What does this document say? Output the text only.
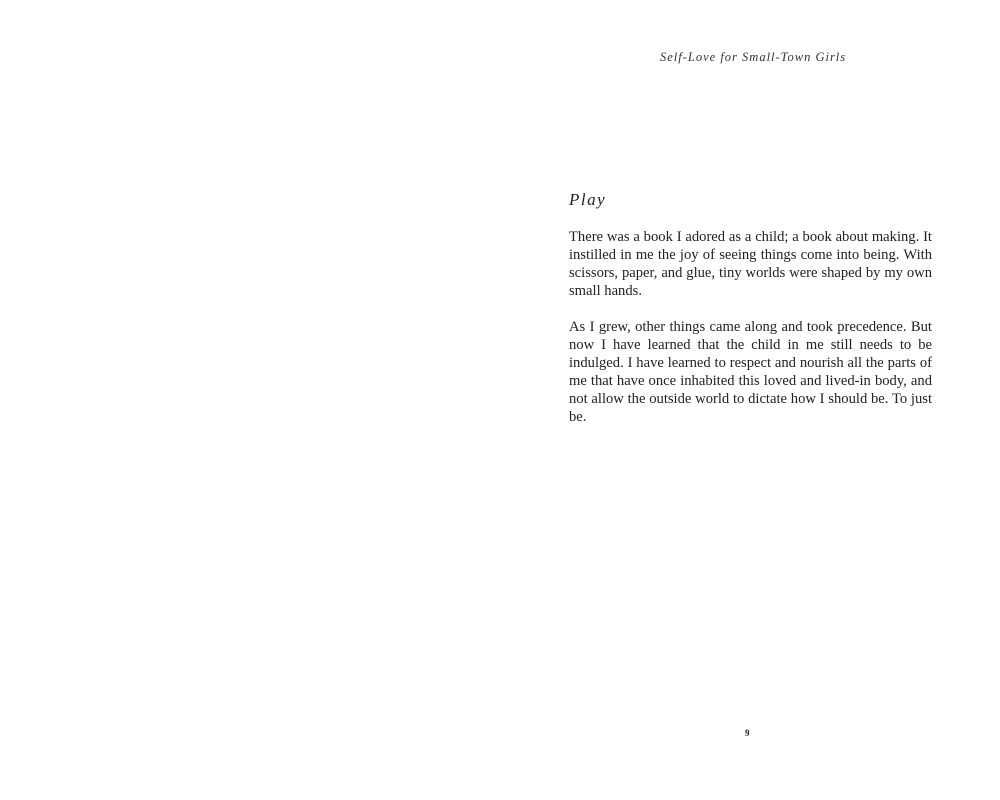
Self-Love for Small-Town Girls
Play

There was a book I adored as a child; a book about making. It instilled in me the joy of seeing things come into being. With scissors, paper, and glue, tiny worlds were shaped by my own small hands.

As I grew, other things came along and took precedence. But now I have learned that the child in me still needs to be indulged. I have learned to respect and nourish all the parts of me that have once inhabited this loved and lived-in body, and not allow the outside world to dictate how I should be. To just be.

9
